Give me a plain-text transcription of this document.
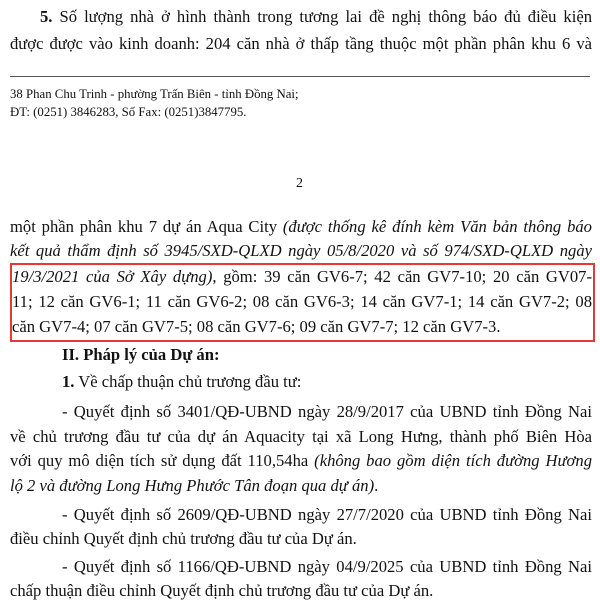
5. Số lượng nhà ở hình thành trong tương lai đề nghị thông báo đủ điều kiện

được được vào kinh doanh: 204 căn nhà ở thấp tầng thuộc một phần phân khu 6 và

38 Phan Chu Trinh - phường Trấn Biên - tỉnh Đồng Nai;

ĐT: (0251) 3846283, Số Fax: (0251)3847795.

2

một phần phân khu 7 dự án Aqua City (được thống kê đính kèm Văn bản thông báo

kết quả thẩm định số 3945/SXD-QLXD ngày 05/8/2020 và số 974/SXD-QLXD ngày

19/3/2021 của Sở Xây dựng), gồm: 39 căn GV6-7; 42 căn GV7-10; 20 căn GV07-

11; 12 căn GV6-1; 11 căn GV6-2; 08 căn GV6-3; 14 căn GV7-1; 14 căn GV7-2; 08

căn GV7-4; 07 căn GV7-5; 08 căn GV7-6; 09 căn GV7-7; 12 căn GV7-3.

II. Pháp lý của Dự án:

1. Về chấp thuận chủ trương đầu tư:

- Quyết định số 3401/QĐ-UBND ngày 28/9/2017 của UBND tỉnh Đồng Nai

về chủ trương đầu tư của dự án Aquacity tại xã Long Hưng, thành phố Biên Hòa

với quy mô diện tích sử dụng đất 110,54ha (không bao gồm diện tích đường Hương

lộ 2 và đường Long Hưng Phước Tân đoạn qua dự án).

- Quyết định số 2609/QĐ-UBND ngày 27/7/2020 của UBND tỉnh Đồng Nai

điều chỉnh Quyết định chủ trương đầu tư của Dự án.

- Quyết định số 1166/QĐ-UBND ngày 04/9/2025 của UBND tỉnh Đồng Nai

chấp thuận điều chỉnh Quyết định chủ trương đầu tư của Dự án.
